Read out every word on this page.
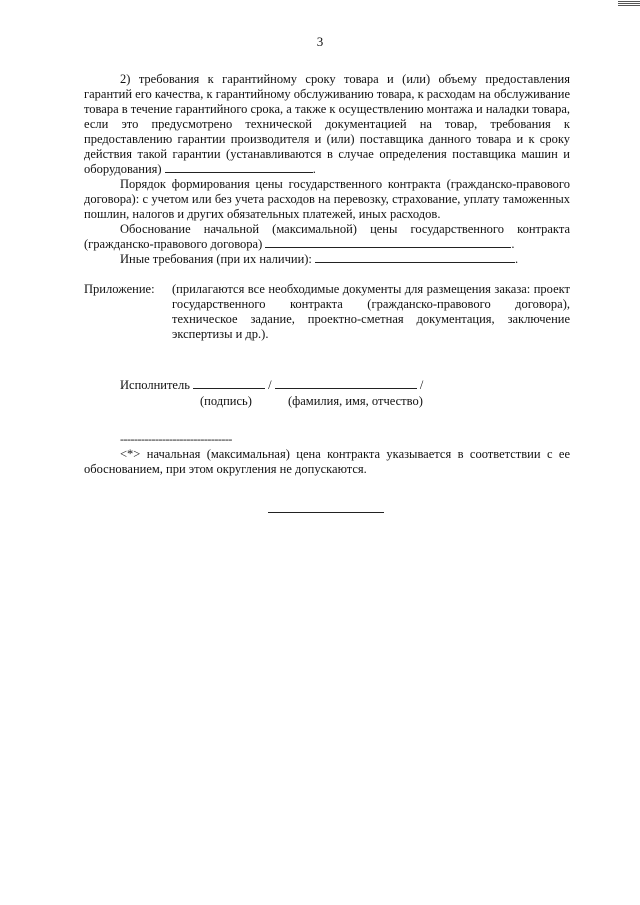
3

2) требования к гарантийному сроку товара и (или) объему предоставления гарантий его качества, к гарантийному обслуживанию товара, к расходам на обслуживание товара в течение гарантийного срока, а также к осуществлению монтажа и наладки товара, если это предусмотрено технической документацией на товар, требования к предоставлению гарантии производителя и (или) поставщика данного товара и к сроку действия такой гарантии (устанавливаются в случае определения поставщика машин и оборудования)	.

Порядок формирования цены государственного контракта (гражданско-правового договора): с учетом или без учета расходов на перевозку, страхование, уплату таможенных пошлин, налогов и других обязательных платежей, иных расходов.

Обоснование начальной (максимальной) цены государственного контракта (гражданско-правового договора)	.

Иные требования (при их наличии):	.

Приложение:	(прилагаются все необходимые документы для размещения заказа: проект государственного контракта (гражданско-правового договора), техническое задание, проектно-сметная документация, заключение экспертизы и др.).
Исполнитель	/	/
(подпись)	(фамилия, имя, отчество)
--------------------------------

<*> начальная (максимальная) цена контракта указывается в соответствии с ее обоснованием, при этом округления не допускаются.
